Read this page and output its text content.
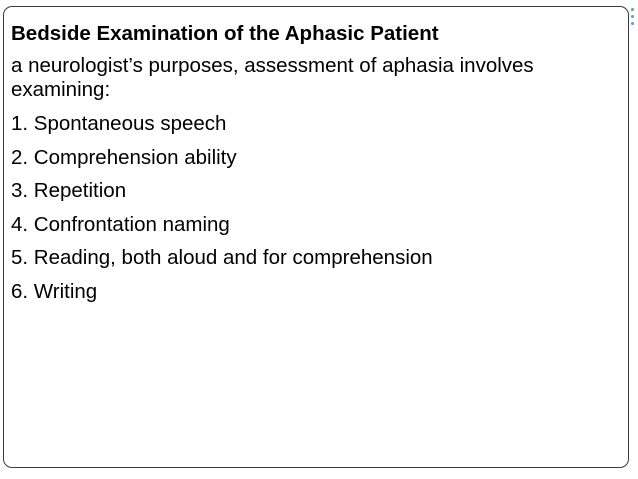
Bedside Examination of the Aphasic Patient

a neurologist’s purposes, assessment of aphasia involves examining:

1. Spontaneous speech
2. Comprehension ability
3. Repetition
4. Confrontation naming
5. Reading, both aloud and for comprehension
6. Writing
